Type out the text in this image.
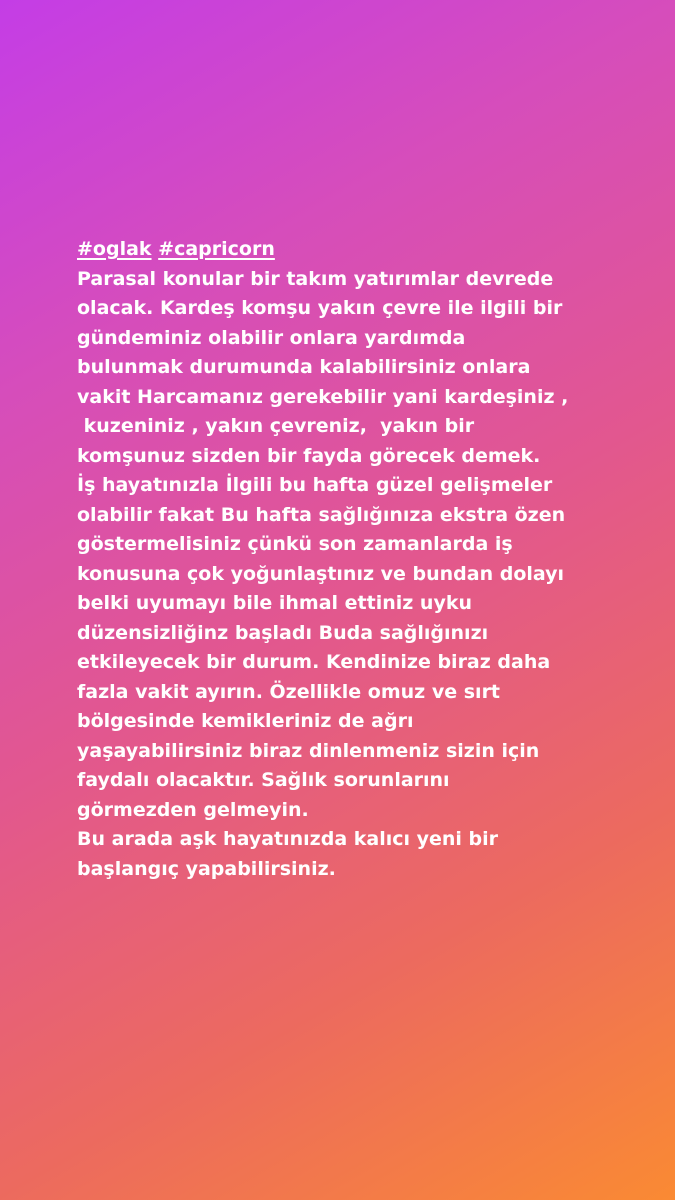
#oglak #capricorn
Parasal konular bir takım yatırımlar devrede
olacak. Kardeş komşu yakın çevre ile ilgili bir
gündeminiz olabilir onlara yardımda
bulunmak durumunda kalabilirsiniz onlara
vakit Harcamanız gerekebilir yani kardeşiniz ,
kuzeniniz , yakın çevreniz,  yakın bir
komşunuz sizden bir fayda görecek demek.
İş hayatınızla İlgili bu hafta güzel gelişmeler
olabilir fakat Bu hafta sağlığınıza ekstra özen
göstermelisiniz çünkü son zamanlarda iş
konusuna çok yoğunlaştınız ve bundan dolayı
belki uyumayı bile ihmal ettiniz uyku
düzensizliğinz başladı Buda sağlığınızı
etkileyecek bir durum. Kendinize biraz daha
fazla vakit ayırın. Özellikle omuz ve sırt
bölgesinde kemikleriniz de ağrı
yaşayabilirsiniz biraz dinlenmeniz sizin için
faydalı olacaktır. Sağlık sorunlarını
görmezden gelmeyin.
Bu arada aşk hayatınızda kalıcı yeni bir
başlangıç yapabilirsiniz.
